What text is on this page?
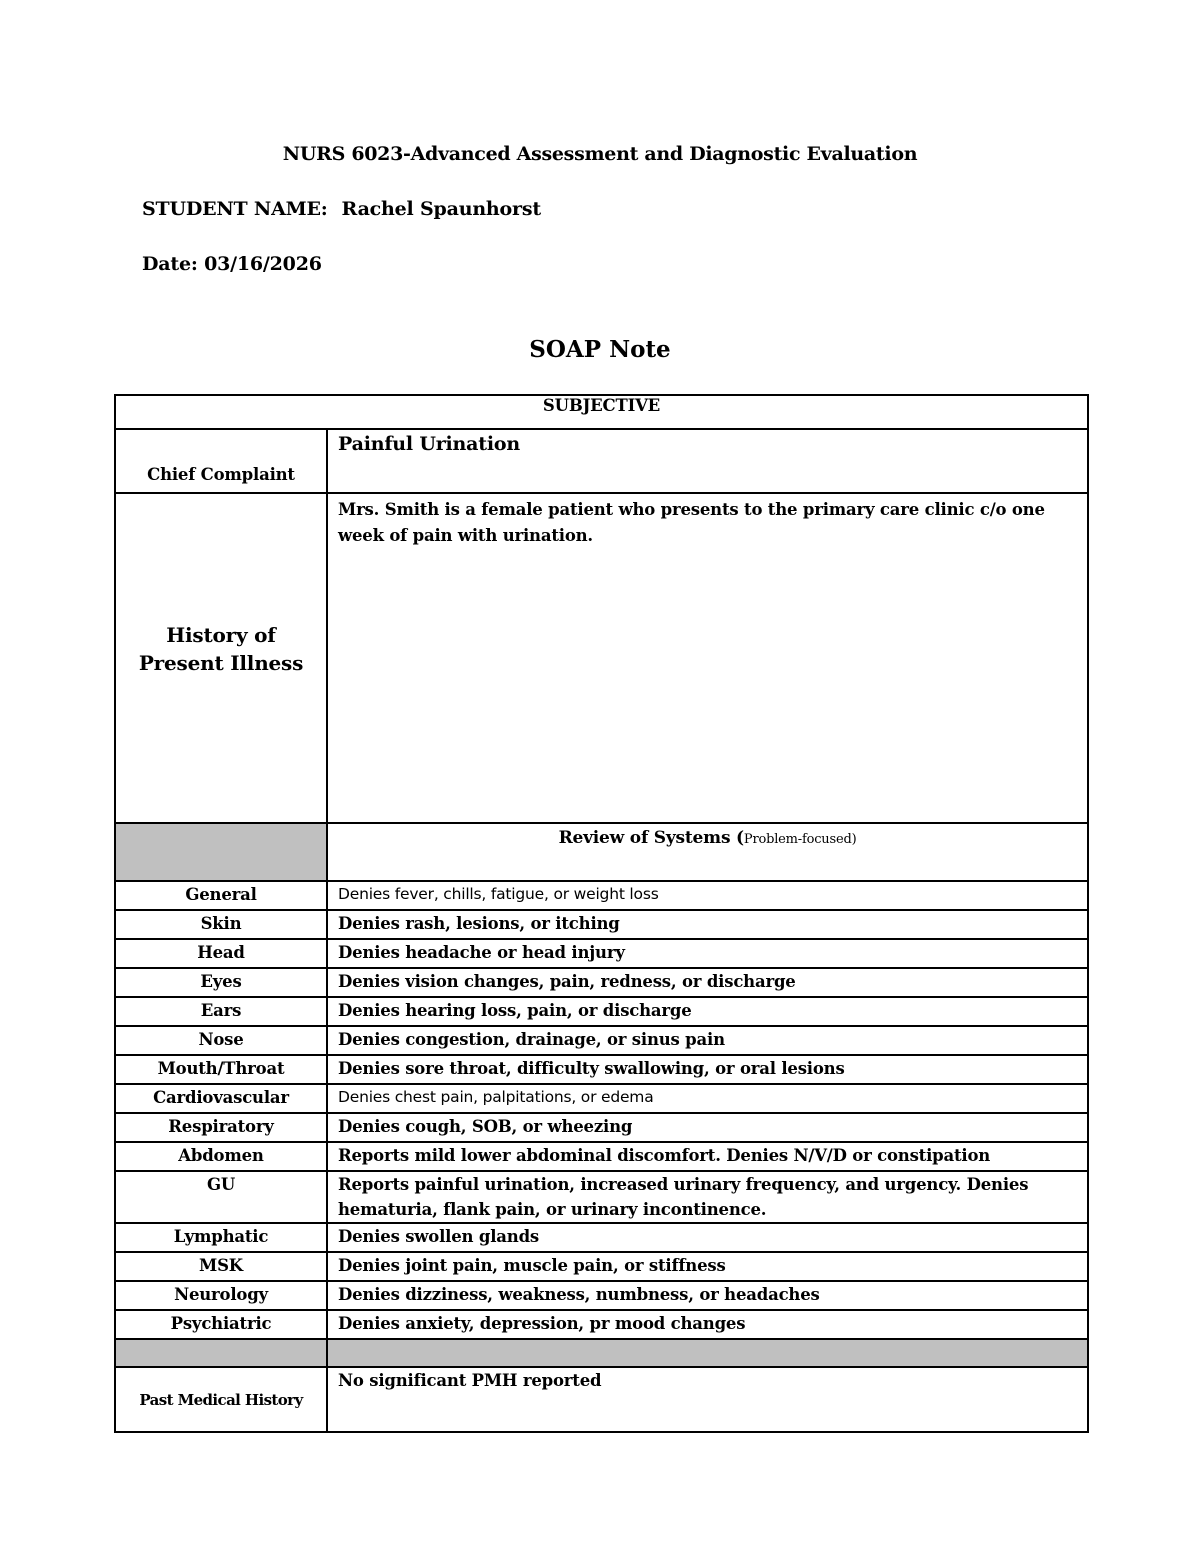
NURS 6023-Advanced Assessment and Diagnostic Evaluation
STUDENT NAME: Rachel Spaunhorst
Date: 03/16/2026
SOAP Note
SUBJECTIVE	
Chief Complaint	Painful Urination
History of
Present Illness	Mrs. Smith is a female patient who presents to the primary care clinic c/o one week of pain with urination.
	Review of Systems (Problem-focused)
General	Denies fever, chills, fatigue, or weight loss
Skin	Denies rash, lesions, or itching
Head	Denies headache or head injury
Eyes	Denies vision changes, pain, redness, or discharge
Ears	Denies hearing loss, pain, or discharge
Nose	Denies congestion, drainage, or sinus pain
Mouth/Throat	Denies sore throat, difficulty swallowing, or oral lesions
Cardiovascular	Denies chest pain, palpitations, or edema
Respiratory	Denies cough, SOB, or wheezing
Abdomen	Reports mild lower abdominal discomfort. Denies N/V/D or constipation
GU	Reports painful urination, increased urinary frequency, and urgency. Denies hematuria, flank pain, or urinary incontinence.
Lymphatic	Denies swollen glands
MSK	Denies joint pain, muscle pain, or stiffness
Neurology	Denies dizziness, weakness, numbness, or headaches
Psychiatric	Denies anxiety, depression, pr mood changes

Past Medical History	No significant PMH reported
